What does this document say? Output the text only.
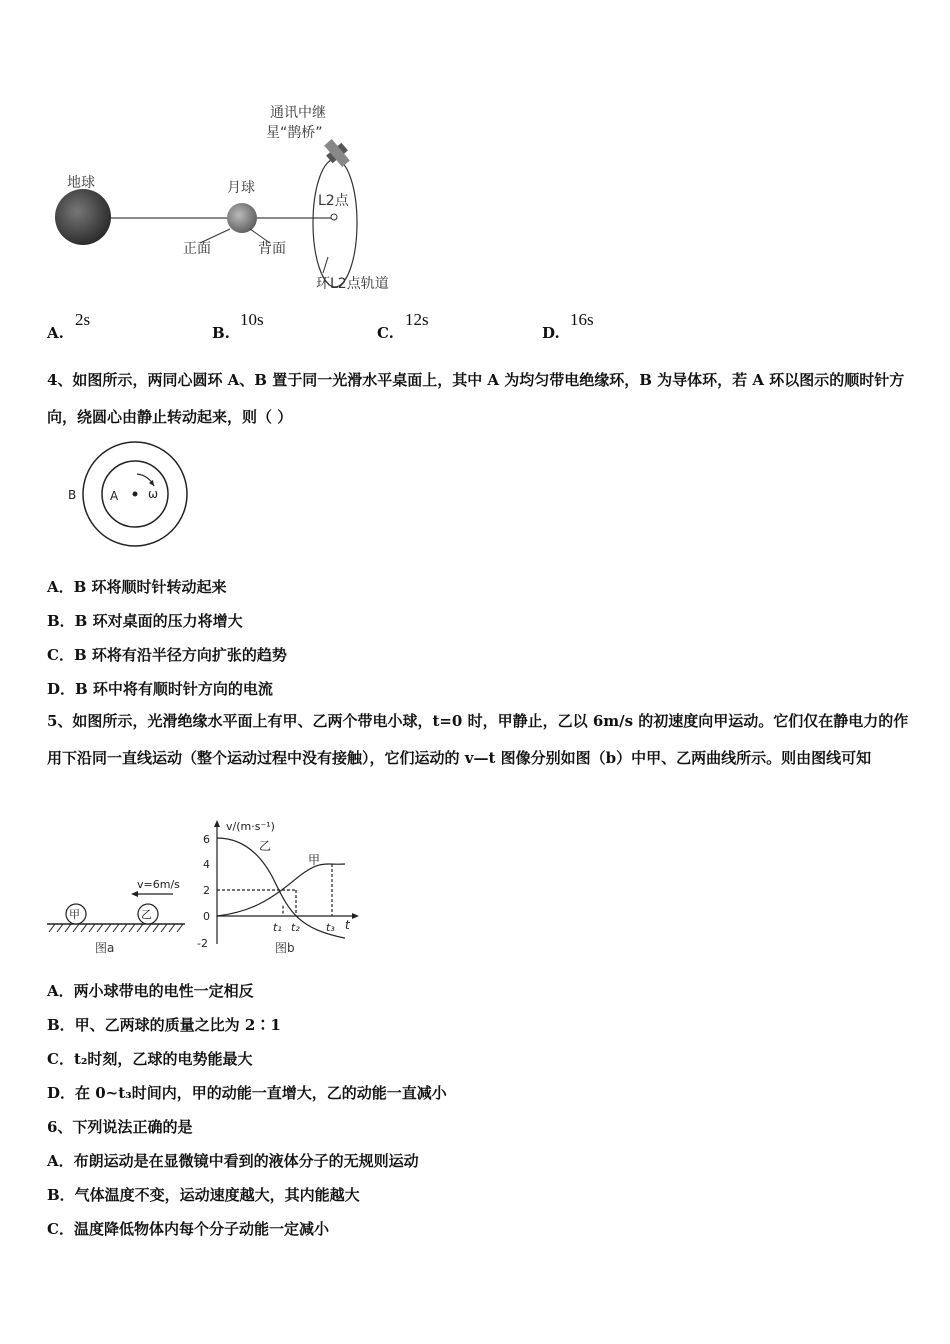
通讯中继
星“鹊桥”
地球	月球
正面	背面
L2点
环L2点轨道
A.
2s
B.
10s
C.
12s
D.
16s
4、如图所示，两同心圆环 A、B 置于同一光滑水平桌面上，其中 A 为均匀带电绝缘环，B 为导体环，若 A 环以图示的顺时针方向，绕圆心由静止转动起来，则（ ）
B	A ω
A．B 环将顺时针转动起来
B．B 环对桌面的压力将增大
C．B 环将有沿半径方向扩张的趋势
D．B 环中将有顺时针方向的电流
5、如图所示，光滑绝缘水平面上有甲、乙两个带电小球，t=0 时，甲静止，乙以 6m/s 的初速度向甲运动。它们仅在静电力的作用下沿同一直线运动（整个运动过程中没有接触），它们运动的 v—t 图像分别如图（b）中甲、乙两曲线所示。则由图线可知
甲	乙
v=6m/s
图a
v/(m·s⁻¹)
t
6
4
2
0
-2
t₁ t₂ t₃
乙
甲
图b
A．两小球带电的电性一定相反
B．甲、乙两球的质量之比为 2∶1
C．t₂时刻，乙球的电势能最大
D．在 0~t₃时间内，甲的动能一直增大，乙的动能一直减小
6、下列说法正确的是
A．布朗运动是在显微镜中看到的液体分子的无规则运动
B．气体温度不变，运动速度越大，其内能越大
C．温度降低物体内每个分子动能一定减小
